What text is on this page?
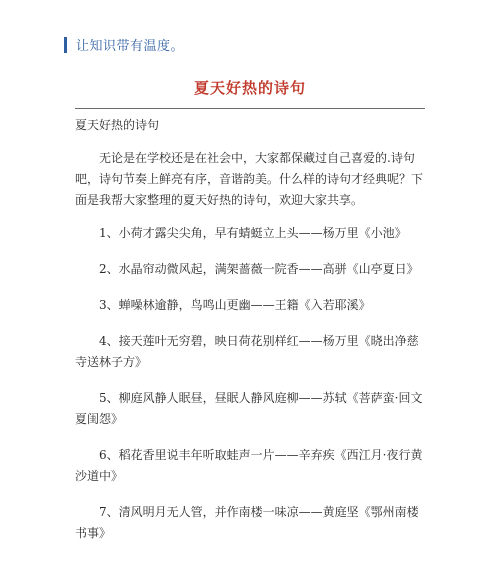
让知识带有温度。
夏天好热的诗句

夏天好热的诗句

无论是在学校还是在社会中，大家都保藏过自己喜爱的.诗句吧，诗句节奏上鲜亮有序，音谐韵美。什么样的诗句才经典呢？下面是我帮大家整理的夏天好热的诗句，欢迎大家共享。

1、小荷才露尖尖角，早有蜻蜓立上头——杨万里《小池》

2、水晶帘动微风起，满架蔷薇一院香——高骈《山亭夏日》

3、蝉噪林逾静，鸟鸣山更幽——王籍《入若耶溪》

4、接天莲叶无穷碧，映日荷花别样红——杨万里《晓出净慈寺送林子方》

5、柳庭风静人眠昼，昼眠人静风庭柳——苏轼《菩萨蛮·回文夏闺怨》

6、稻花香里说丰年听取蛙声一片——辛弃疾《西江月·夜行黄沙道中》

7、清风明月无人管，并作南楼一味凉——黄庭坚《鄂州南楼书事》
